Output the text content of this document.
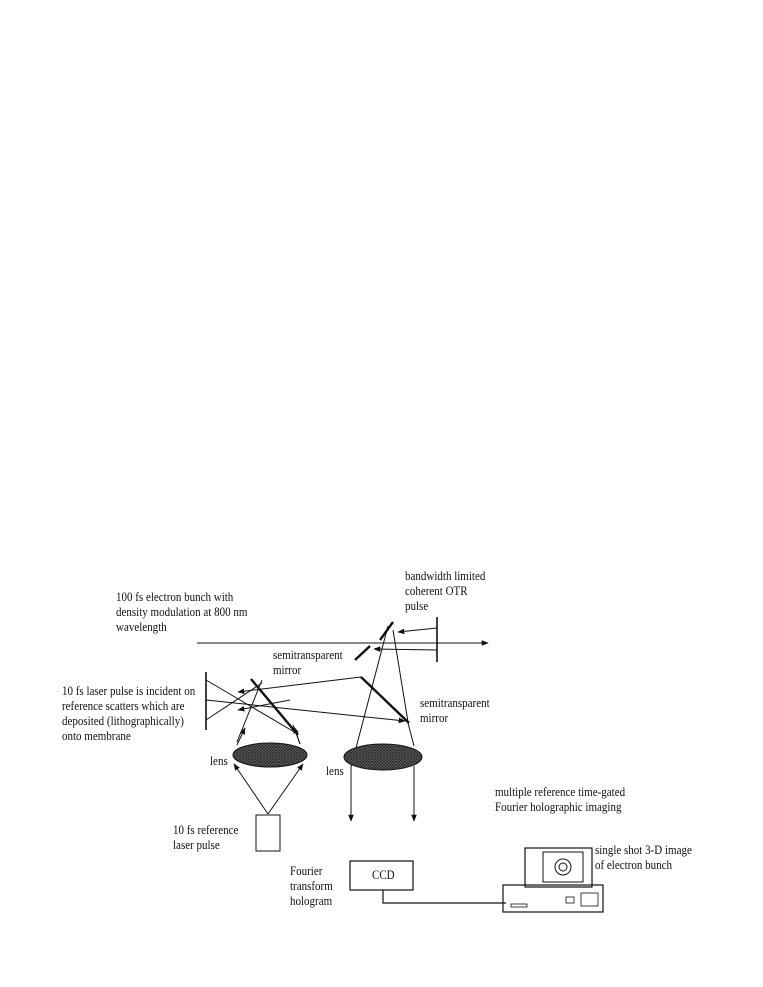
100 fs electron bunch with
density modulation at 800 nm
wavelength
bandwidth limited
coherent OTR
pulse
semitransparent
mirror
semitransparent
mirror
10 fs laser pulse is incident on
reference scatters which are
deposited (lithographically)
onto membrane
lens
lens
10 fs reference
laser pulse
multiple reference time-gated
Fourier holographic imaging
CCD
Fourier
transform
hologram
single shot 3-D image
of electron bunch
